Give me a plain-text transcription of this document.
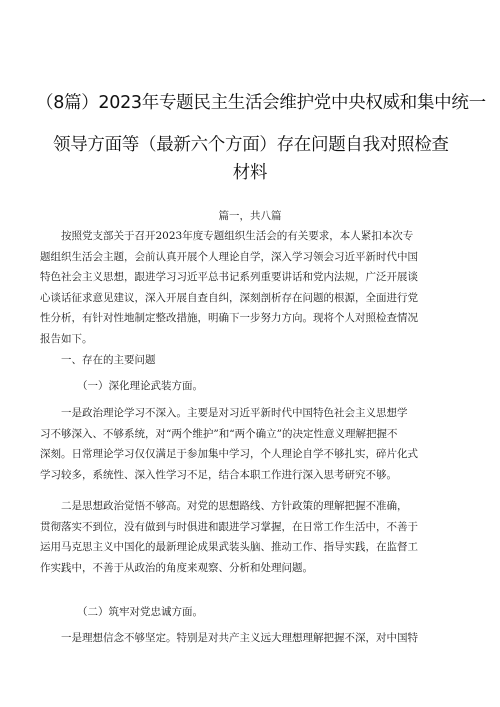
（8篇）2023年专题民主生活会维护党中央权威和集中统一
领导方面等（最新六个方面）存在问题自我对照检查
材料
篇一，共八篇
按照党支部关于召开2023年度专题组织生活会的有关要求，本人紧扣本次专
题组织生活会主题，会前认真开展个人理论自学，深入学习领会习近平新时代中国
特色社会主义思想，跟进学习习近平总书记系列重要讲话和党内法规，广泛开展谈
心谈话征求意见建议，深入开展自查自纠，深刻剖析存在问题的根源，全面进行党
性分析，有针对性地制定整改措施，明确下一步努力方向。现将个人对照检查情况
报告如下。
一、存在的主要问题
（一）深化理论武装方面。
一是政治理论学习不深入。主要是对习近平新时代中国特色社会主义思想学
习不够深入、不够系统，对“两个维护”和“两个确立”的决定性意义理解把握不
深刻。日常理论学习仅仅满足于参加集中学习，个人理论自学不够扎实，碎片化式
学习较多，系统性、深入性学习不足，结合本职工作进行深入思考研究不够。
二是思想政治觉悟不够高。对党的思想路线、方针政策的理解把握不准确，
贯彻落实不到位，没有做到与时俱进和跟进学习掌握，在日常工作生活中，不善于
运用马克思主义中国化的最新理论成果武装头脑、推动工作、指导实践，在监督工
作实践中，不善于从政治的角度来观察、分析和处理问题。
（二）筑牢对党忠诚方面。
一是理想信念不够坚定。特别是对共产主义远大理想理解把握不深，对中国特
